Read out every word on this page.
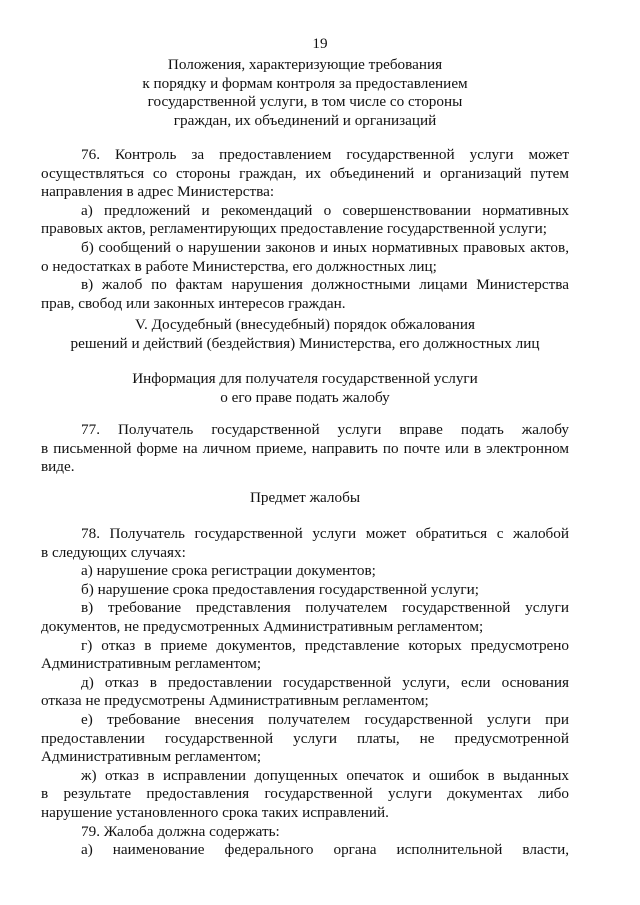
19

Положения, характеризующие требования

к порядку и формам контроля за предоставлением

государственной услуги, в том числе со стороны

граждан, их объединений и организаций

76. Контроль за предоставлением государственной услуги может

осуществляться со стороны граждан, их объединений и организаций путем

направления в адрес Министерства:

а) предложений и рекомендаций о совершенствовании нормативных

правовых актов, регламентирующих предоставление государственной услуги;

б) сообщений о нарушении законов и иных нормативных правовых актов,

о недостатках в работе Министерства, его должностных лиц;

в) жалоб по фактам нарушения должностными лицами Министерства

прав, свобод или законных интересов граждан.

V. Досудебный (внесудебный) порядок обжалования

решений и действий (бездействия) Министерства, его должностных лиц

Информация для получателя государственной услуги

о его праве подать жалобу

77. Получатель государственной услуги вправе подать жалобу

в письменной форме на личном приеме, направить по почте или в электронном

виде.

Предмет жалобы

78. Получатель государственной услуги может обратиться с жалобой

в следующих случаях:

а) нарушение срока регистрации документов;

б) нарушение срока предоставления государственной услуги;

в) требование представления получателем государственной услуги

документов, не предусмотренных Административным регламентом;

г) отказ в приеме документов, представление которых предусмотрено

Административным регламентом;

д) отказ в предоставлении государственной услуги, если основания

отказа не предусмотрены Административным регламентом;

е) требование внесения получателем государственной услуги при

предоставлении государственной услуги платы, не предусмотренной

Административным регламентом;

ж) отказ в исправлении допущенных опечаток и ошибок в выданных

в результате предоставления государственной услуги документах либо

нарушение установленного срока таких исправлений.

79. Жалоба должна содержать:

а) наименование федерального органа исполнительной власти,
